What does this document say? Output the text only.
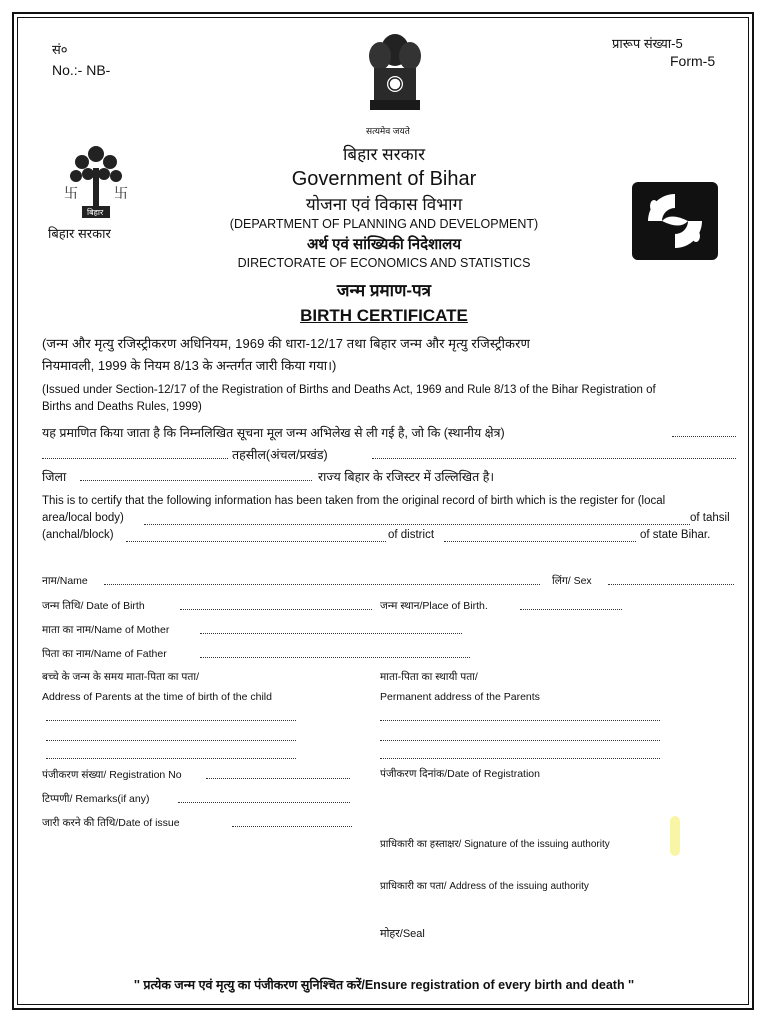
सं०
No.:- NB-
प्रारूप संख्या-5
Form-5
सत्यमेव जयते
卐	卐
बिहार
बिहार सरकार
बिहार सरकार
Government of Bihar
योजना एवं विकास विभाग
(DEPARTMENT OF PLANNING AND DEVELOPMENT)
अर्थ एवं सांख्यिकी निदेशालय
DIRECTORATE OF ECONOMICS AND STATISTICS
जन्म प्रमाण-पत्र
BIRTH CERTIFICATE
(जन्म और मृत्यु रजिस्ट्रीकरण अधिनियम, 1969 की धारा-12/17 तथा बिहार जन्म और मृत्यु रजिस्ट्रीकरण
नियमावली, 1999 के नियम 8/13 के अन्तर्गत जारी किया गया।)
(Issued under Section-12/17 of the Registration of Births and Deaths Act, 1969 and Rule 8/13 of the Bihar Registration of
Births and Deaths Rules, 1999)
यह प्रमाणित किया जाता है कि निम्नलिखित सूचना मूल जन्म अभिलेख से ली गई है, जो कि (स्थानीय क्षेत्र)
तहसील(अंचल/प्रखंड)
जिला	राज्य बिहार के रजिस्टर में उल्लिखित है।
This is to certify that the following information has been taken from the original record of birth which is the register for (local
area/local body)	of tahsil
(anchal/block)	of district	of state Bihar.
नाम/Name	लिंग/ Sex
जन्म तिथि/ Date of Birth	जन्म स्थान/Place of Birth.
माता का नाम/Name of Mother
पिता का नाम/Name of Father
बच्चे के जन्म के समय माता-पिता का पता/
Address of Parents at the time of birth of the child
माता-पिता का स्थायी पता/
Permanent address of the Parents
पंजीकरण संख्या/ Registration No	पंजीकरण दिनांक/Date of Registration
टिप्पणी/ Remarks(if any)
जारी करने की तिथि/Date of issue
प्राधिकारी का हस्ताक्षर/ Signature of the issuing authority
प्राधिकारी का पता/ Address of the issuing authority
मोहर/Seal
'' प्रत्येक जन्म एवं मृत्यु का पंजीकरण सुनिश्चित करें/Ensure registration of every birth and death ''
